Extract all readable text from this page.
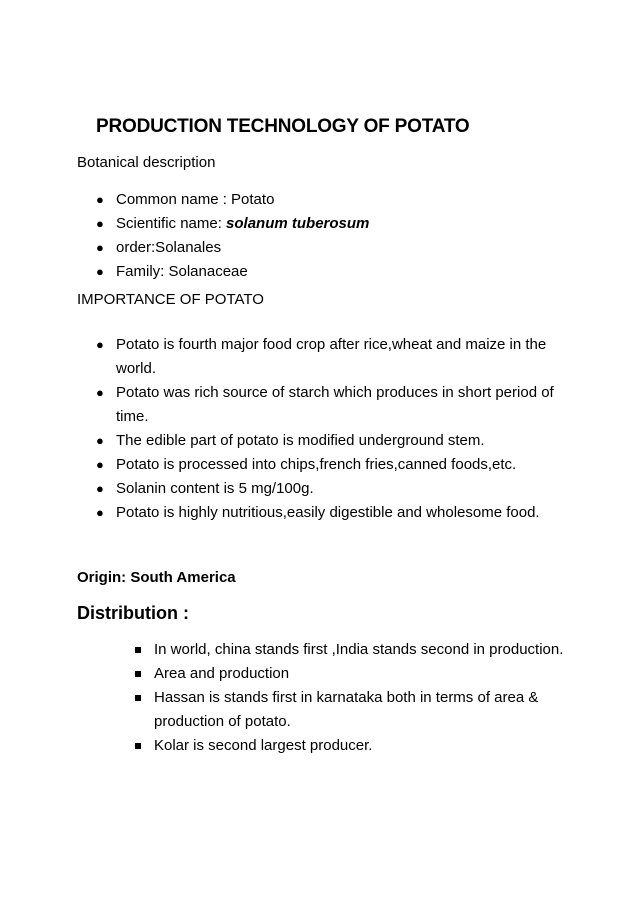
PRODUCTION TECHNOLOGY OF POTATO
Botanical description
● Common name : Potato
● Scientific name: solanum tuberosum
● order:Solanales
● Family: Solanaceae
IMPORTANCE OF POTATO
● Potato is fourth major food crop after rice,wheat and maize in the world.
● Potato was rich source of starch which produces in short period of time.
● The edible part of potato is modified underground stem.
● Potato is processed into chips,french fries,canned foods,etc.
● Solanin content is 5 mg/100g.
● Potato is highly nutritious,easily digestible and wholesome food.
Origin: South America
Distribution :
In world, china stands first ,India stands second in production.
Area and production
Hassan is stands first in karnataka both in terms of area & production of potato.
Kolar is second largest producer.
